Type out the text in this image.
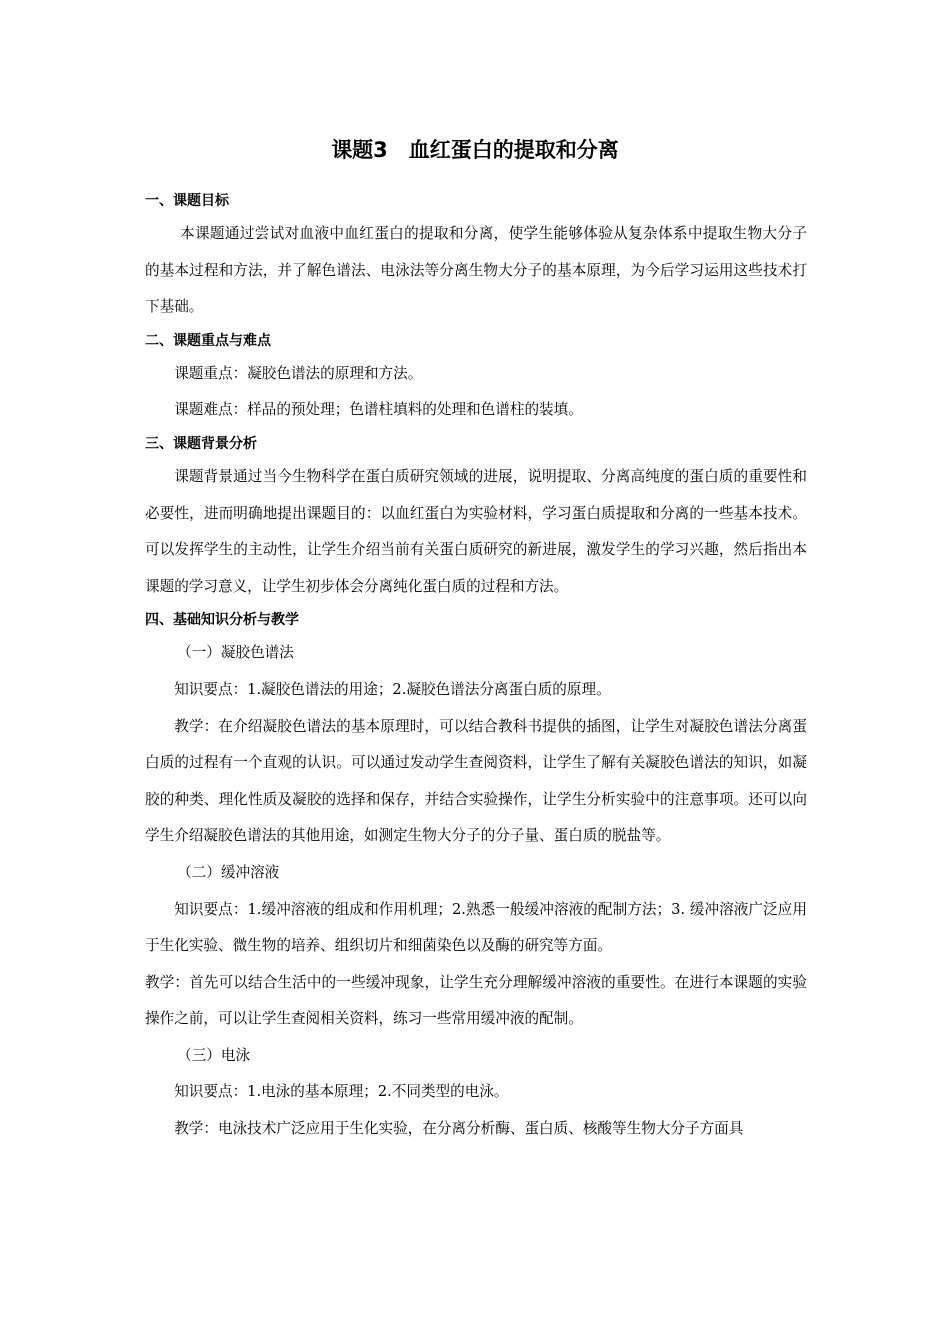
课题3　血红蛋白的提取和分离
一、课题目标

本课题通过尝试对血液中血红蛋白的提取和分离，使学生能够体验从复杂体系中提取生物大分子的基本过程和方法，并了解色谱法、电泳法等分离生物大分子的基本原理，为今后学习运用这些技术打下基础。

二、课题重点与难点

课题重点：凝胶色谱法的原理和方法。

课题难点：样品的预处理；色谱柱填料的处理和色谱柱的装填。

三、课题背景分析

课题背景通过当今生物科学在蛋白质研究领域的进展，说明提取、分离高纯度的蛋白质的重要性和必要性，进而明确地提出课题目的：以血红蛋白为实验材料，学习蛋白质提取和分离的一些基本技术。可以发挥学生的主动性，让学生介绍当前有关蛋白质研究的新进展，激发学生的学习兴趣，然后指出本课题的学习意义，让学生初步体会分离纯化蛋白质的过程和方法。

四、基础知识分析与教学

（一）凝胶色谱法

知识要点：1.凝胶色谱法的用途；2.凝胶色谱法分离蛋白质的原理。

教学：在介绍凝胶色谱法的基本原理时，可以结合教科书提供的插图，让学生对凝胶色谱法分离蛋白质的过程有一个直观的认识。可以通过发动学生查阅资料，让学生了解有关凝胶色谱法的知识，如凝胶的种类、理化性质及凝胶的选择和保存，并结合实验操作，让学生分析实验中的注意事项。还可以向学生介绍凝胶色谱法的其他用途，如测定生物大分子的分子量、蛋白质的脱盐等。

（二）缓冲溶液

知识要点：1.缓冲溶液的组成和作用机理；2.熟悉一般缓冲溶液的配制方法；3. 缓冲溶液广泛应用于生化实验、微生物的培养、组织切片和细菌染色以及酶的研究等方面。

教学：首先可以结合生活中的一些缓冲现象，让学生充分理解缓冲溶液的重要性。在进行本课题的实验操作之前，可以让学生查阅相关资料，练习一些常用缓冲液的配制。

（三）电泳

知识要点：1.电泳的基本原理；2.不同类型的电泳。

教学：电泳技术广泛应用于生化实验，在分离分析酶、蛋白质、核酸等生物大分子方面具
